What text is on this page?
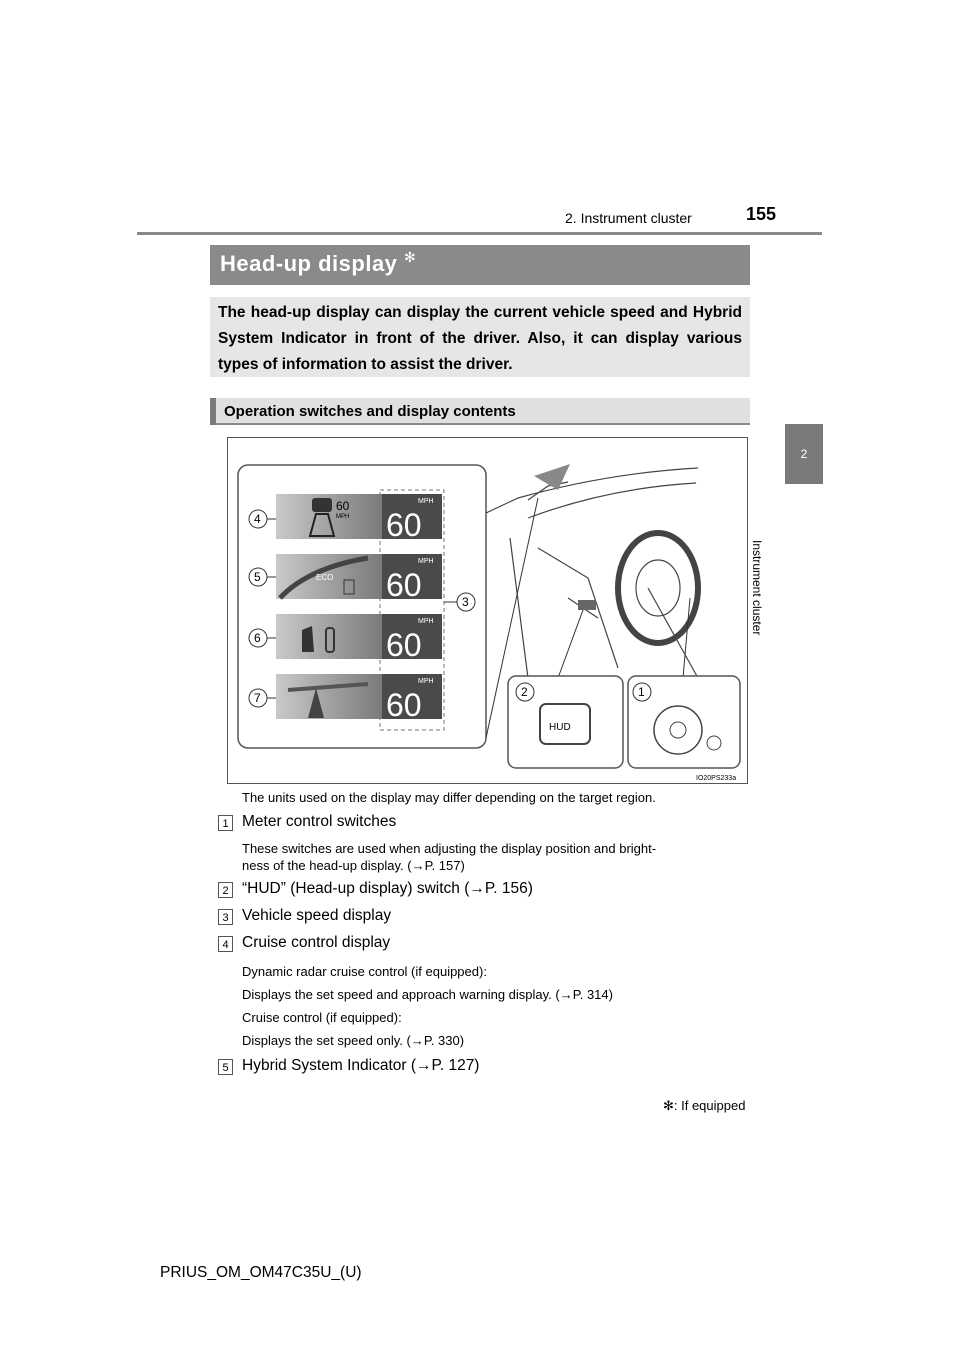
2. Instrument cluster	155
2
Instrument cluster
Head-up display ✻
The head-up display can display the current vehicle speed and Hybrid System Indicator in front of the driver. Also, it can display various types of information to assist the driver.
Operation switches and display contents
60
MPH
MPH
60
ECO
MPH
60
MPH
60
MPH
60
4
5
6
7
3
HUD
2	1
IO20PS233a
The units used on the display may differ depending on the target region.
1 Meter control switches
These switches are used when adjusting the display position and bright-
ness of the head-up display. (→P. 157)
2 “HUD” (Head-up display) switch (→P. 156)
3 Vehicle speed display
4 Cruise control display
Dynamic radar cruise control (if equipped):
Displays the set speed and approach warning display. (→P. 314)
Cruise control (if equipped):
Displays the set speed only. (→P. 330)
5 Hybrid System Indicator (→P. 127)
✻: If equipped
PRIUS_OM_OM47C35U_(U)
